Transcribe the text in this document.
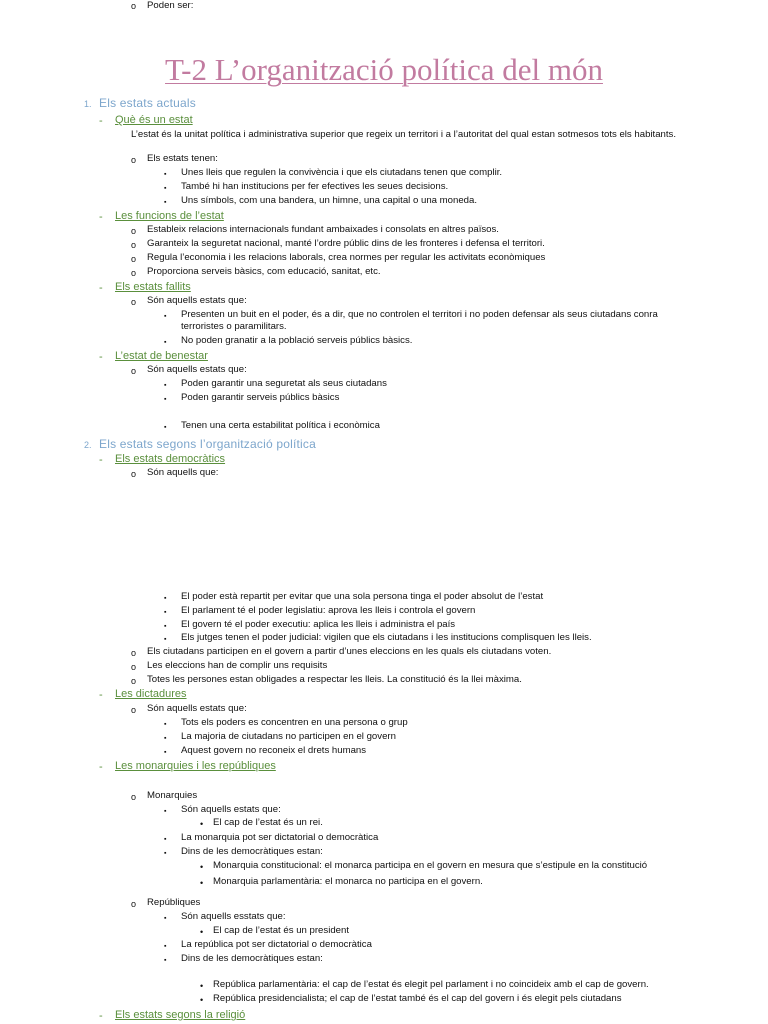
T-2 L’organització política del món
1. Els estats actuals
- Què és un estat
L’estat és la unitat política i administrativa superior que regeix un territori i a l’autoritat del qual estan sotmesos tots els habitants.
o Els estats tenen:
▪ Unes lleis que regulen la convivència i que els ciutadans tenen que complir.
▪ També hi han institucions per fer efectives les seues decisions.
▪ Uns símbols, com una bandera, un himne, una capital o una moneda.
- Les funcions de l’estat
o Estableix relacions internacionals fundant ambaixades i consolats en altres països.
o Garanteix la seguretat nacional, manté l’ordre públic dins de les fronteres i defensa el territori.
o Regula l’economia i les relacions laborals, crea normes per regular les activitats econòmiques
o Proporciona serveis bàsics, com educació, sanitat, etc.
- Els estats fallits
o Són aquells estats que:
▪ Presenten un buit en el poder, és a dir, que no controlen el territori i no poden defensar als seus ciutadans conra terroristes o paramilitars.
▪ No poden granatir a la població serveis públics bàsics.
- L’estat de benestar
o Són aquells estats que:
▪ Poden garantir una seguretat als seus ciutadans
▪ Poden garantir serveis públics bàsics
▪ Tenen una certa estabilitat política i econòmica
2. Els estats segons l’organització política
- Els estats democràtics
o Són aquells que:
▪ El poder està repartit per evitar que una sola persona tinga el poder absolut de l’estat
▪ El parlament té el poder legislatiu: aprova les lleis i controla el govern
▪ El govern té el poder executiu: aplica les lleis i administra el país
▪ Els jutges tenen el poder judicial: vigilen que els ciutadans i les institucions complisquen les lleis.
o Els ciutadans participen en el govern a partir d’unes eleccions en les quals els ciutadans voten.
o Les eleccions han de complir uns requisits
o Totes les persones estan obligades a respectar les lleis. La constitució és la llei màxima.
- Les dictadures
o Són aquells estats que:
▪ Tots els poders es concentren en una persona o grup
▪ La majoria de ciutadans no participen en el govern
▪ Aquest govern no reconeix el drets humans
- Les monarquies i les repúbliques
o Monarquies
▪ Són aquells estats que:
• El cap de l’estat és un rei.
▪ La monarquia pot ser dictatorial o democràtica
▪ Dins de les democràtiques estan:
• Monarquia constitucional: el monarca participa en el govern en mesura que s’estipule en la constitució
• Monarquia parlamentària: el monarca no participa en el govern.
o Repúbliques
▪ Són aquells esstats que:
• El cap de l’estat és un president
▪ La república pot ser dictatorial o democràtica
▪ Dins de les democràtiques estan:
• República parlamentària: el cap de l’estat és elegit pel parlament i no coincideix amb el cap de govern.
• República presidencialista; el cap de l’estat també és el cap del govern i és elegit pels ciutadans
- Els estats segons la religió
o Poden ser:
